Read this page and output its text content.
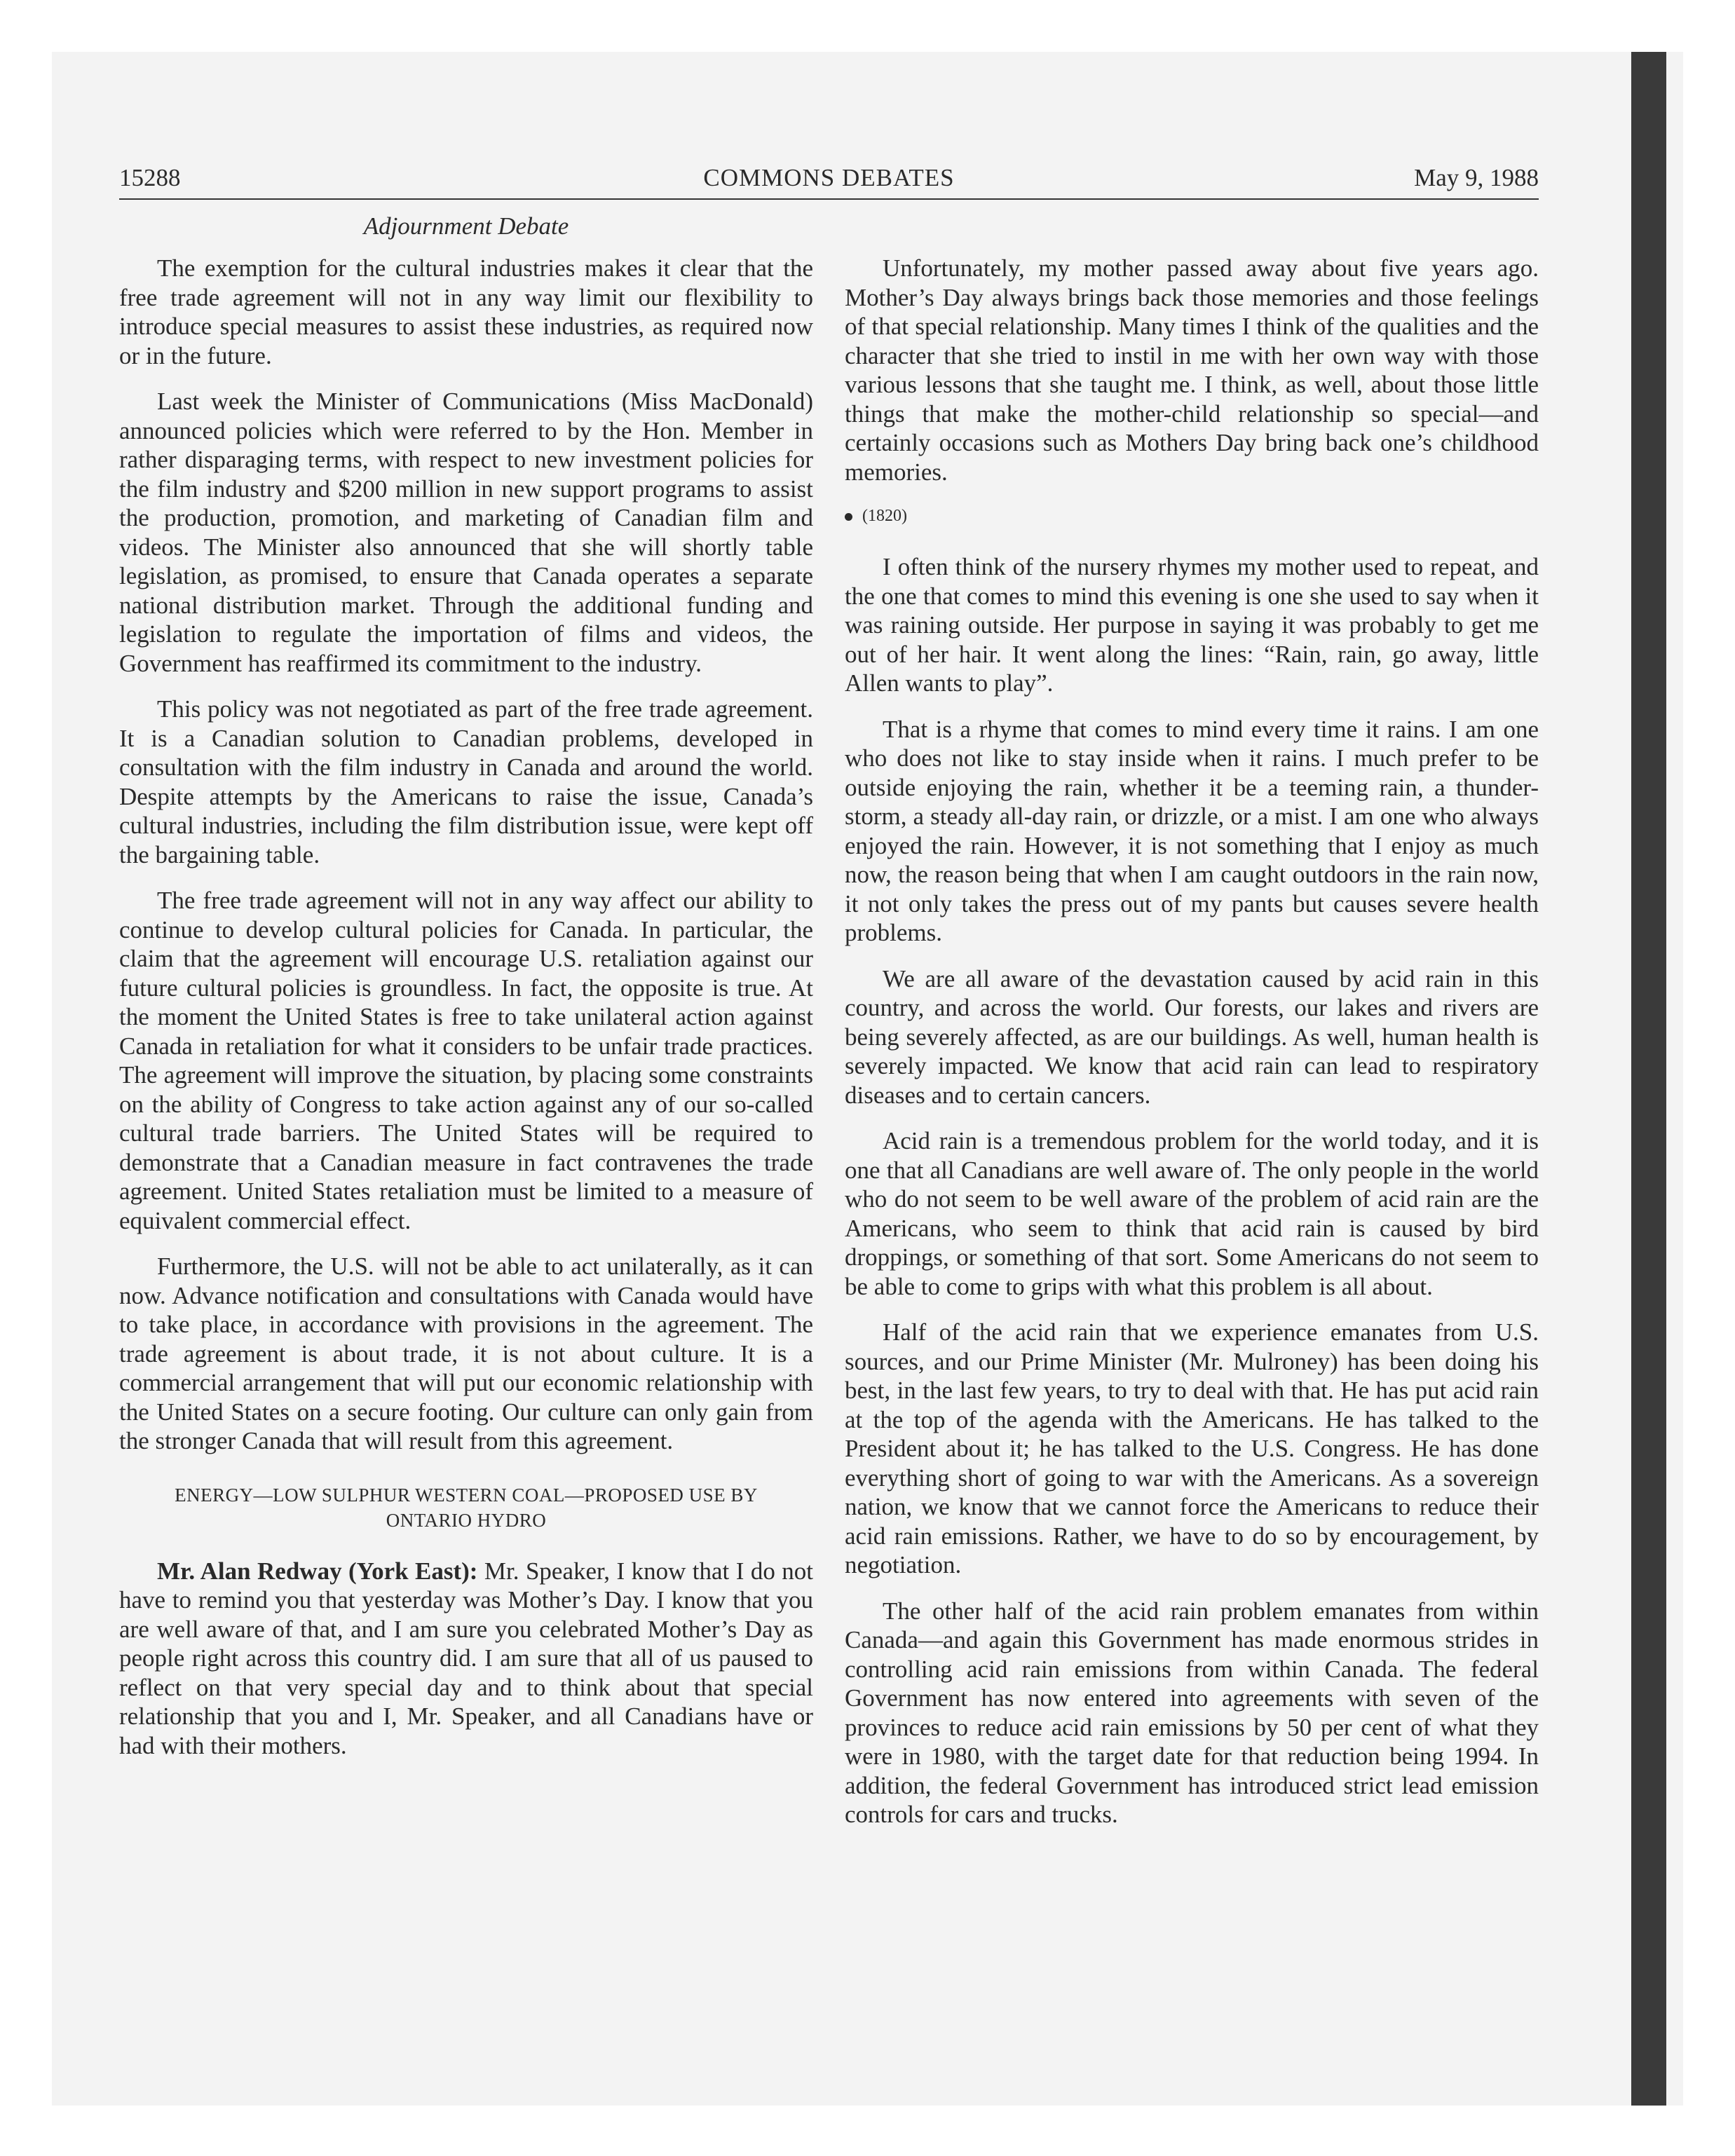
COMMONS DEBATES
15288	May 9, 1988
Adjournment Debate

The exemption for the cultural industries makes it clear that the free trade agreement will not in any way limit our flexibility to introduce special measures to assist these industries, as required now or in the future.

Last week the Minister of Communications (Miss MacDonald) announced policies which were referred to by the Hon. Member in rather disparaging terms, with respect to new investment policies for the film industry and $200 million in new support programs to assist the production, promotion, and marketing of Canadian film and videos. The Minister also announced that she will shortly table legislation, as promised, to ensure that Canada operates a separate national distribution market. Through the additional funding and legislation to regulate the importation of films and videos, the Government has reaffirmed its commitment to the industry.

This policy was not negotiated as part of the free trade agreement. It is a Canadian solution to Canadian problems, developed in consultation with the film industry in Canada and around the world. Despite attempts by the Americans to raise the issue, Canada’s cultural industries, including the film distribution issue, were kept off the bargaining table.

The free trade agreement will not in any way affect our ability to continue to develop cultural policies for Canada. In particular, the claim that the agreement will encourage U.S. retaliation against our future cultural policies is groundless. In fact, the opposite is true. At the moment the United States is free to take unilateral action against Canada in retaliation for what it considers to be unfair trade practices. The agreement will improve the situation, by placing some constraints on the ability of Congress to take action against any of our so-called cultural trade barriers. The United States will be required to demonstrate that a Canadian measure in fact contravenes the trade agreement. United States retaliation must be limited to a measure of equivalent commercial effect.

Furthermore, the U.S. will not be able to act unilaterally, as it can now. Advance notification and consultations with Canada would have to take place, in accordance with provisions in the agreement. The trade agreement is about trade, it is not about culture. It is a commercial arrangement that will put our economic relationship with the United States on a secure footing. Our culture can only gain from the stronger Canada that will result from this agreement.

ENERGY—LOW SULPHUR WESTERN COAL—PROPOSED USE BY
ONTARIO HYDRO

Mr. Alan Redway (York East): Mr. Speaker, I know that I do not have to remind you that yesterday was Mother’s Day. I know that you are well aware of that, and I am sure you celebrated Mother’s Day as people right across this country did. I am sure that all of us paused to reflect on that very special day and to think about that special relationship that you and I, Mr. Speaker, and all Canadians have or had with their mothers.

Unfortunately, my mother passed away about five years ago. Mother’s Day always brings back those memories and those feelings of that special relationship. Many times I think of the qualities and the character that she tried to instil in me with her own way with those various lessons that she taught me. I think, as well, about those little things that make the mother-child relationship so special—and certainly occasions such as Mothers Day bring back one’s childhood memories.

(1820)

I often think of the nursery rhymes my mother used to repeat, and the one that comes to mind this evening is one she used to say when it was raining outside. Her purpose in saying it was probably to get me out of her hair. It went along the lines: “Rain, rain, go away, little Allen wants to play”.

That is a rhyme that comes to mind every time it rains. I am one who does not like to stay inside when it rains. I much prefer to be outside enjoying the rain, whether it be a teeming rain, a thunder-storm, a steady all-day rain, or drizzle, or a mist. I am one who always enjoyed the rain. However, it is not something that I enjoy as much now, the reason being that when I am caught outdoors in the rain now, it not only takes the press out of my pants but causes severe health problems.

We are all aware of the devastation caused by acid rain in this country, and across the world. Our forests, our lakes and rivers are being severely affected, as are our buildings. As well, human health is severely impacted. We know that acid rain can lead to respiratory diseases and to certain cancers.

Acid rain is a tremendous problem for the world today, and it is one that all Canadians are well aware of. The only people in the world who do not seem to be well aware of the problem of acid rain are the Americans, who seem to think that acid rain is caused by bird droppings, or something of that sort. Some Americans do not seem to be able to come to grips with what this problem is all about.

Half of the acid rain that we experience emanates from U.S. sources, and our Prime Minister (Mr. Mulroney) has been doing his best, in the last few years, to try to deal with that. He has put acid rain at the top of the agenda with the Americans. He has talked to the President about it; he has talked to the U.S. Congress. He has done everything short of going to war with the Americans. As a sovereign nation, we know that we cannot force the Americans to reduce their acid rain emissions. Rather, we have to do so by encouragement, by negotiation.

The other half of the acid rain problem emanates from within Canada—and again this Government has made enormous strides in controlling acid rain emissions from within Canada. The federal Government has now entered into agreements with seven of the provinces to reduce acid rain emissions by 50 per cent of what they were in 1980, with the target date for that reduction being 1994. In addition, the federal Government has introduced strict lead emission controls for cars and trucks.
